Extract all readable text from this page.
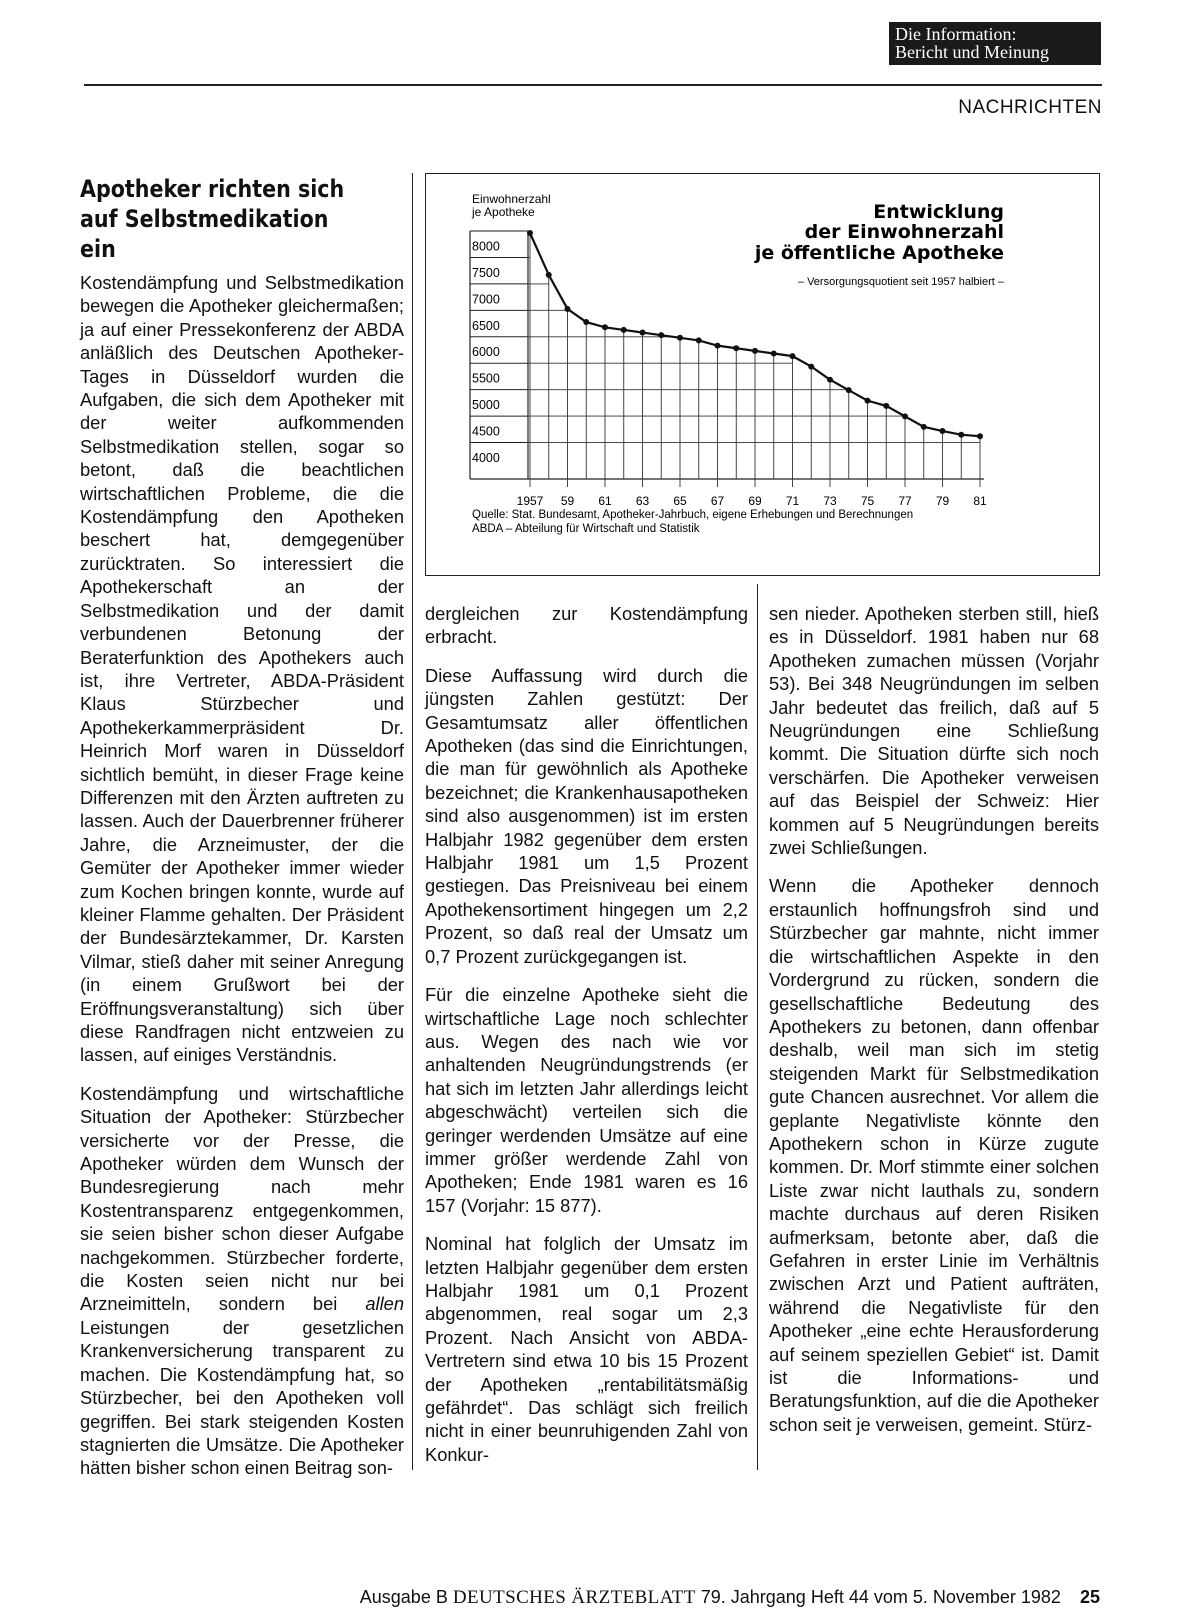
Die Information:
Bericht und Meinung
NACHRICHTEN
Apotheker richten sich
auf Selbstmedikation ein

Kostendämpfung und Selbstmedikation bewegen die Apotheker gleichermaßen; ja auf einer Pressekonferenz der ABDA anläßlich des Deutschen Apotheker-Tages in Düsseldorf wurden die Aufgaben, die sich dem Apotheker mit der weiter aufkommenden Selbstmedikation stellen, sogar so betont, daß die beachtlichen wirtschaftlichen Probleme, die die Kostendämpfung den Apotheken beschert hat, demgegenüber zurücktraten. So interessiert die Apothekerschaft an der Selbstmedikation und der damit verbundenen Betonung der Beraterfunktion des Apothekers auch ist, ihre Vertreter, ABDA-Präsident Klaus Stürzbecher und Apothekerkammerpräsident Dr. Heinrich Morf waren in Düsseldorf sichtlich bemüht, in dieser Frage keine Differenzen mit den Ärzten auftreten zu lassen. Auch der Dauerbrenner früherer Jahre, die Arzneimuster, der die Gemüter der Apotheker immer wieder zum Kochen bringen konnte, wurde auf kleiner Flamme gehalten. Der Präsident der Bundesärztekammer, Dr. Karsten Vilmar, stieß daher mit seiner Anregung (in einem Grußwort bei der Eröffnungsveranstaltung) sich über diese Randfragen nicht entzweien zu lassen, auf einiges Verständnis.

Kostendämpfung und wirtschaftliche Situation der Apotheker: Stürzbecher versicherte vor der Presse, die Apotheker würden dem Wunsch der Bundesregierung nach mehr Kostentransparenz entgegenkommen, sie seien bisher schon dieser Aufgabe nachgekommen. Stürzbecher forderte, die Kosten seien nicht nur bei Arzneimitteln, sondern bei allen Leistungen der gesetzlichen Krankenversicherung transparent zu machen. Die Kostendämpfung hat, so Stürzbecher, bei den Apotheken voll gegriffen. Bei stark steigenden Kosten stagnierten die Umsätze. Die Apotheker hätten bisher schon einen Beitrag son-

Einwohnerzahl
je Apotheke	Entwicklung
der Einwohnerzahl
je öffentliche Apotheke
– Versorgungsquotient seit 1957 halbiert –
8000
7500
7000
6500
6000
5500
5000
4500
4000
1957 59 61 63 65 67 69 71 73 75 77 79 81
Quelle: Stat. Bundesamt, Apotheker-Jahrbuch, eigene Erhebungen und Berechnungen
ABDA – Abteilung für Wirtschaft und Statistik

dergleichen zur Kostendämpfung erbracht.

Diese Auffassung wird durch die jüngsten Zahlen gestützt: Der Gesamtumsatz aller öffentlichen Apotheken (das sind die Einrichtungen, die man für gewöhnlich als Apotheke bezeichnet; die Krankenhausapotheken sind also ausgenommen) ist im ersten Halbjahr 1982 gegenüber dem ersten Halbjahr 1981 um 1,5 Prozent gestiegen. Das Preisniveau bei einem Apothekensortiment hingegen um 2,2 Prozent, so daß real der Umsatz um 0,7 Prozent zurückgegangen ist.

Für die einzelne Apotheke sieht die wirtschaftliche Lage noch schlechter aus. Wegen des nach wie vor anhaltenden Neugründungstrends (er hat sich im letzten Jahr allerdings leicht abgeschwächt) verteilen sich die geringer werdenden Umsätze auf eine immer größer werdende Zahl von Apotheken; Ende 1981 waren es 16 157 (Vorjahr: 15 877).

Nominal hat folglich der Umsatz im letzten Halbjahr gegenüber dem ersten Halbjahr 1981 um 0,1 Prozent abgenommen, real sogar um 2,3 Prozent. Nach Ansicht von ABDA-Vertretern sind etwa 10 bis 15 Prozent der Apotheken „rentabilitätsmäßig gefährdet“. Das schlägt sich freilich nicht in einer beunruhigenden Zahl von Konkur-

sen nieder. Apotheken sterben still, hieß es in Düsseldorf. 1981 haben nur 68 Apotheken zumachen müssen (Vorjahr 53). Bei 348 Neugründungen im selben Jahr bedeutet das freilich, daß auf 5 Neugründungen eine Schließung kommt. Die Situation dürfte sich noch verschärfen. Die Apotheker verweisen auf das Beispiel der Schweiz: Hier kommen auf 5 Neugründungen bereits zwei Schließungen.

Wenn die Apotheker dennoch erstaunlich hoffnungsfroh sind und Stürzbecher gar mahnte, nicht immer die wirtschaftlichen Aspekte in den Vordergrund zu rücken, sondern die gesellschaftliche Bedeutung des Apothekers zu betonen, dann offenbar deshalb, weil man sich im stetig steigenden Markt für Selbstmedikation gute Chancen ausrechnet. Vor allem die geplante Negativliste könnte den Apothekern schon in Kürze zugute kommen. Dr. Morf stimmte einer solchen Liste zwar nicht lauthals zu, sondern machte durchaus auf deren Risiken aufmerksam, betonte aber, daß die Gefahren in erster Linie im Verhältnis zwischen Arzt und Patient aufträten, während die Negativliste für den Apotheker „eine echte Herausforderung auf seinem speziellen Gebiet“ ist. Damit ist die Informations- und Beratungsfunktion, auf die die Apotheker schon seit je verweisen, gemeint. Stürz-

Ausgabe B DEUTSCHES ÄRZTEBLATT 79. Jahrgang Heft 44 vom 5. November 1982 25
